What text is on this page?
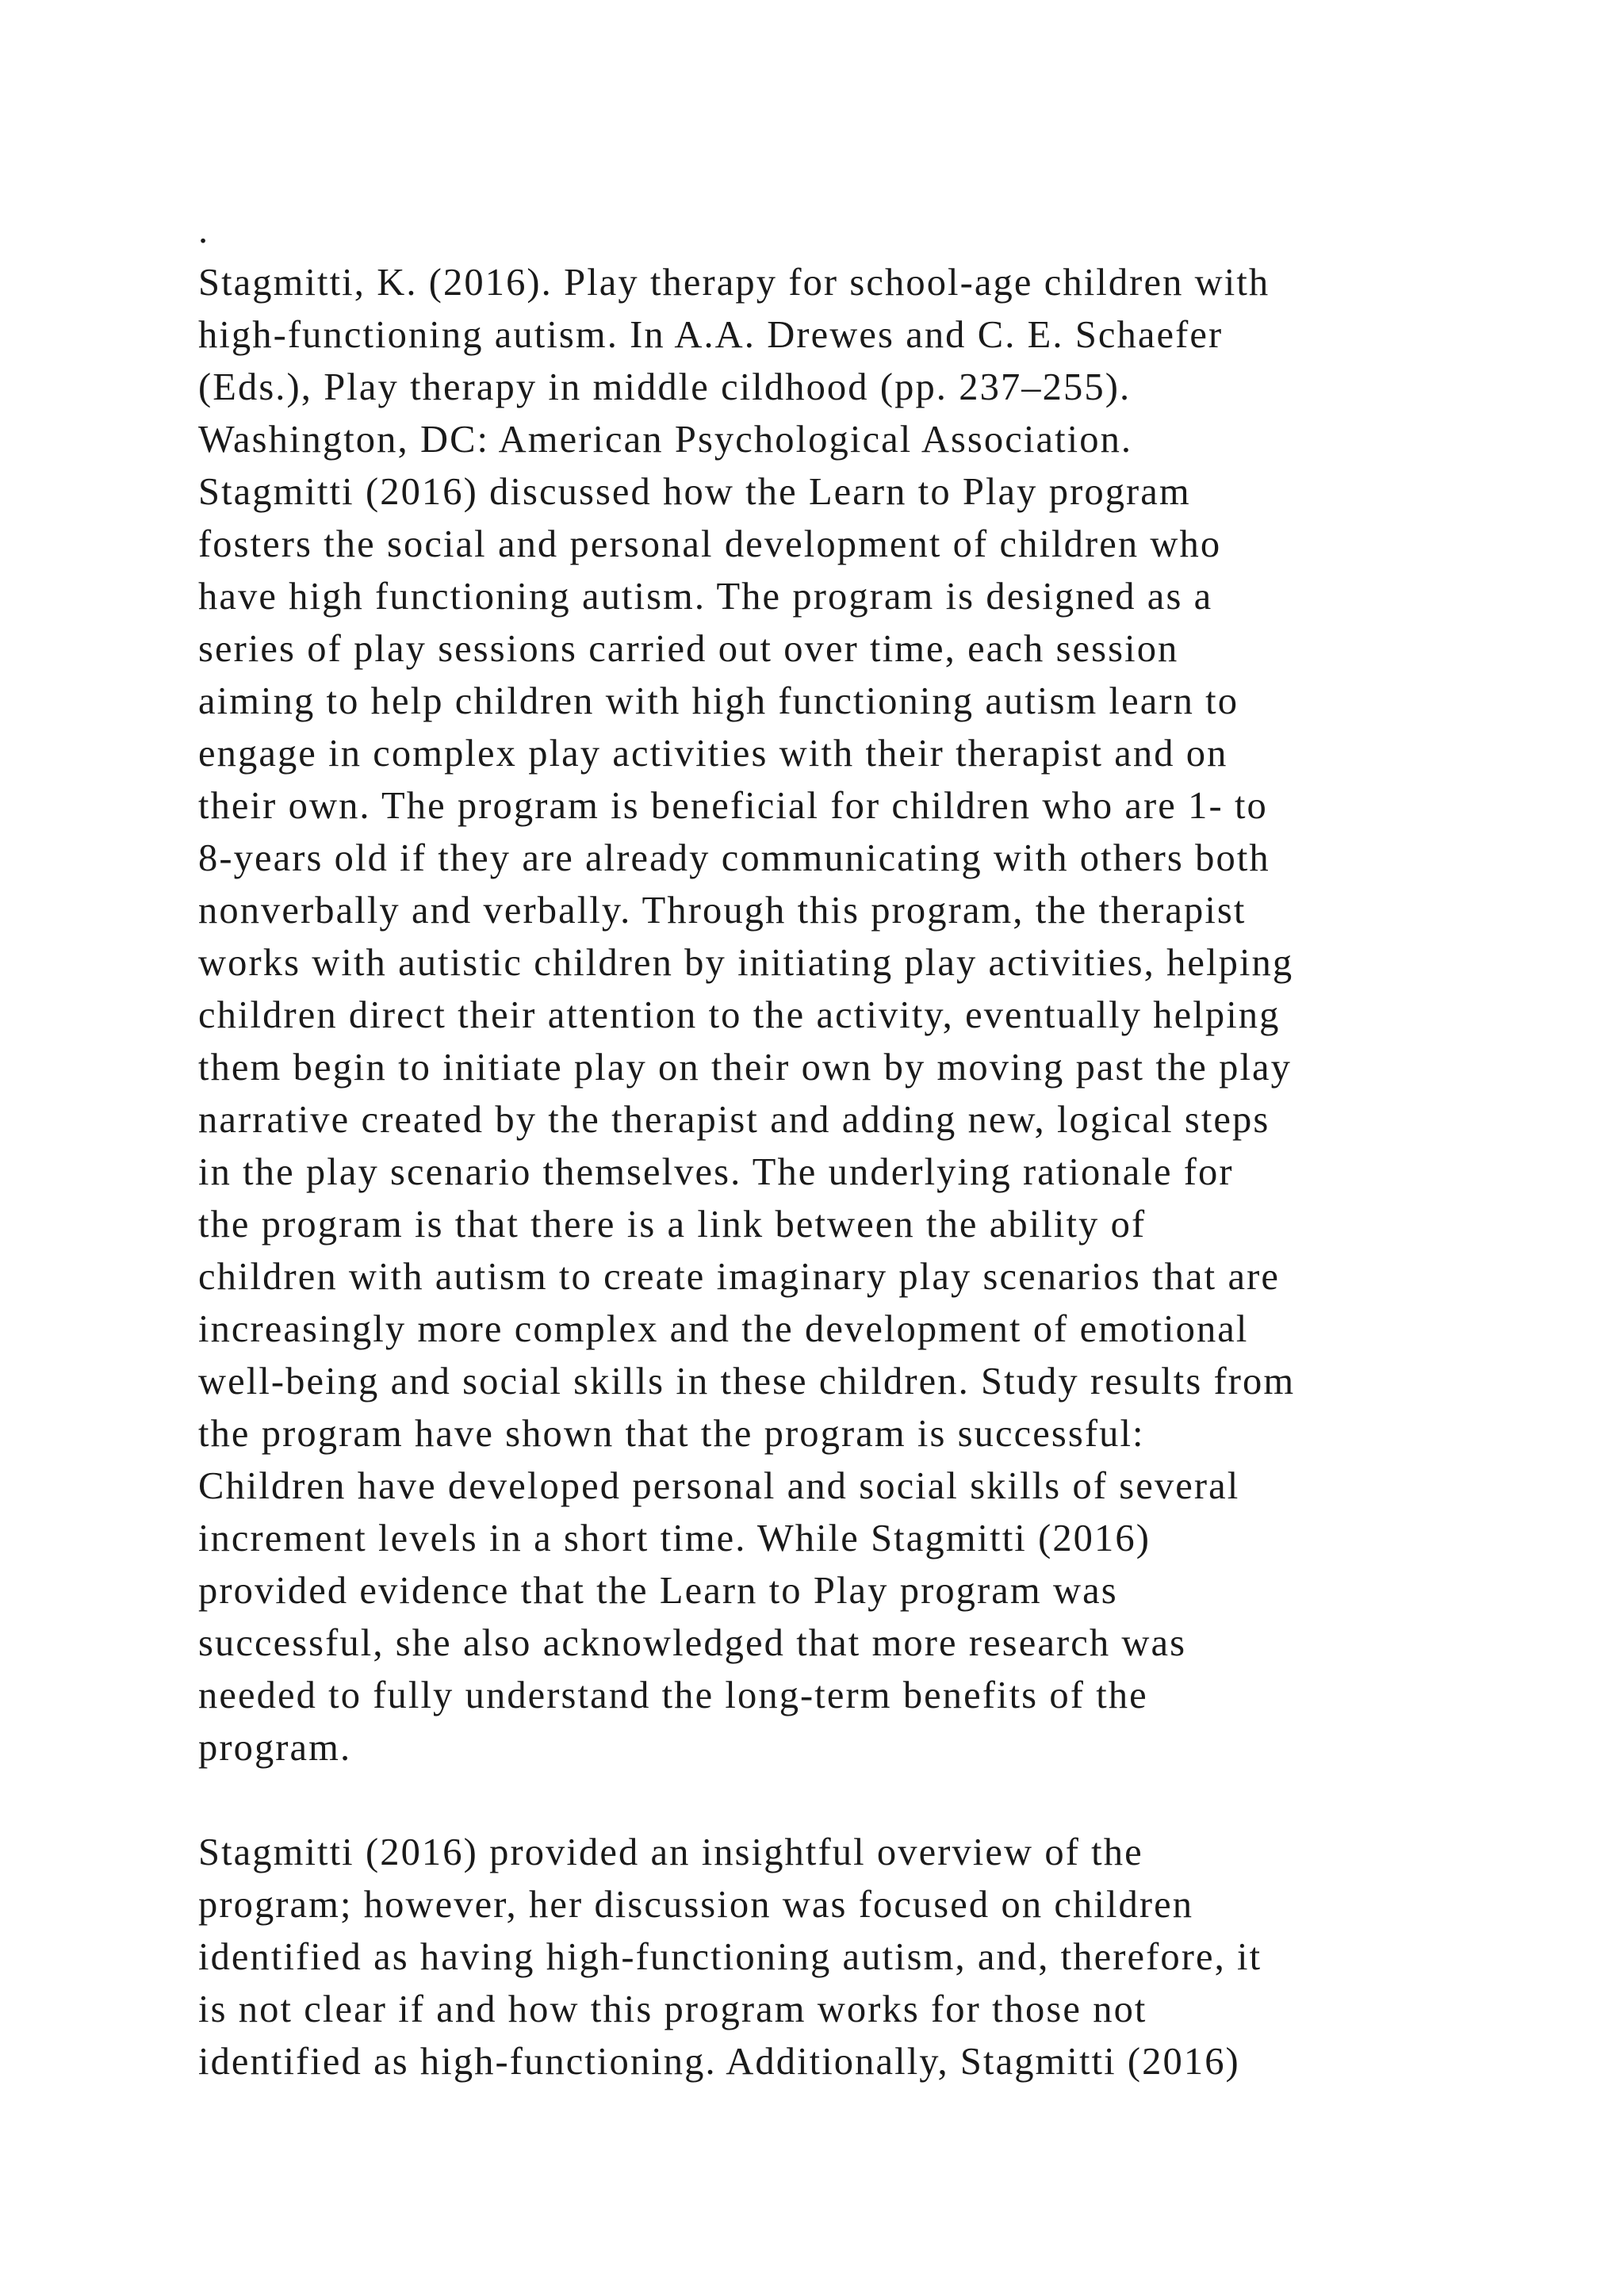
.
Stagmitti, K. (2016). Play therapy for school-age children with
high-functioning autism. In A.A. Drewes and C. E. Schaefer
(Eds.), Play therapy in middle cildhood (pp. 237–255).
Washington, DC: American Psychological Association.
Stagmitti (2016) discussed how the Learn to Play program
fosters the social and personal development of children who
have high functioning autism. The program is designed as a
series of play sessions carried out over time, each session
aiming to help children with high functioning autism learn to
engage in complex play activities with their therapist and on
their own. The program is beneficial for children who are 1- to
8-years old if they are already communicating with others both
nonverbally and verbally. Through this program, the therapist
works with autistic children by initiating play activities, helping
children direct their attention to the activity, eventually helping
them begin to initiate play on their own by moving past the play
narrative created by the therapist and adding new, logical steps
in the play scenario themselves. The underlying rationale for
the program is that there is a link between the ability of
children with autism to create imaginary play scenarios that are
increasingly more complex and the development of emotional
well-being and social skills in these children. Study results from
the program have shown that the program is successful:
Children have developed personal and social skills of several
increment levels in a short time. While Stagmitti (2016)
provided evidence that the Learn to Play program was
successful, she also acknowledged that more research was
needed to fully understand the long-term benefits of the
program.
Stagmitti (2016) provided an insightful overview of the
program; however, her discussion was focused on children
identified as having high-functioning autism, and, therefore, it
is not clear if and how this program works for those not
identified as high-functioning. Additionally, Stagmitti (2016)
